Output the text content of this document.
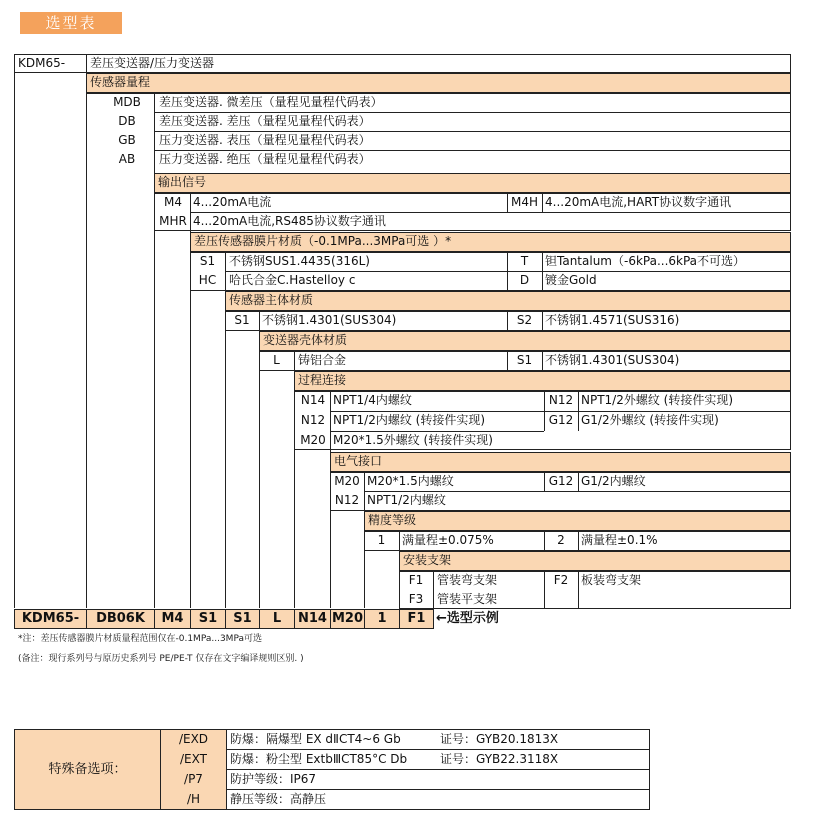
选型表
KDM65- 差压变送器/压力变送器
传感器量程
MDB	差压变送器. 微差压（量程见量程代码表）
DB	差压变送器. 差压（量程见量程代码表）
GB	压力变送器. 表压（量程见量程代码表）
AB	压力变送器. 绝压（量程见量程代码表）
输出信号
M4 4...20mA电流	M4H 4...20mA电流,HART协议数字通讯
MHR 4...20mA电流,RS485协议数字通讯
差压传感器膜片材质（-0.1MPa...3MPa可选 ）*
S1	不锈钢SUS1.4435(316L)	T	钽Tantalum（-6kPa...6kPa不可选）
HC	哈氏合金C.Hastelloy c	D	镀金Gold
传感器主体材质
S1	不锈钢1.4301(SUS304)	S2	不锈钢1.4571(SUS316)
变送器壳体材质
L	铸铝合金	S1	不锈钢1.4301(SUS304)
过程连接
N14 NPT1/4内螺纹	N12 NPT1/2外螺纹 (转接件实现)
N12 NPT1/2内螺纹 (转接件实现)	G12 G1/2外螺纹 (转接件实现)
M20 M20*1.5外螺纹 (转接件实现)
电气接口
M20 M20*1.5内螺纹	G12 G1/2内螺纹
N12 NPT1/2内螺纹
精度等级
1	满量程±0.075%	2	满量程±0.1%
安装支架
F1	管装弯支架	F2	板装弯支架
F3	管装平支架
KDM65-	DB06K	M4	S1	S1	L	N14 M20	1	F1 ←选型示例
*注：差压传感器膜片材质量程范围仅在-0.1MPa...3MPa可选
(备注：现行系列号与原历史系列号 PE/PE-T 仅存在文字编译规则区别. )
特殊备选项：
/EXD	防爆：隔爆型 EX dⅡCT4~6 Gb	证号：GYB20.1813X
/EXT	防爆：粉尘型 ExtbⅢCT85°C Db	证号：GYB22.3118X
/P7	防护等级：IP67
/H	静压等级：高静压
